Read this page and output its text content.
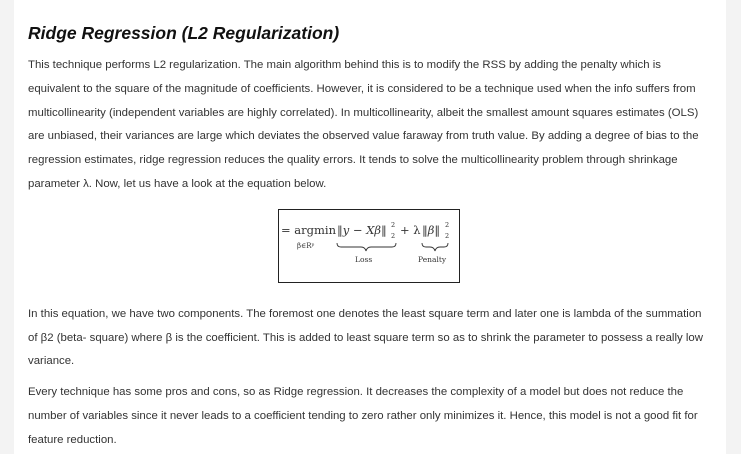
Ridge Regression (L2 Regularization)

This technique performs L2 regularization. The main algorithm behind this is to modify the RSS by adding the penalty which is equivalent to the square of the magnitude of coefficients. However, it is considered to be a technique used when the info suffers from multicollinearity (independent variables are highly correlated). In multicollinearity, albeit the smallest amount squares estimates (OLS) are unbiased, their variances are large which deviates the observed value faraway from truth value. By adding a degree of bias to the regression estimates, ridge regression reduces the quality errors. It tends to solve the multicollinearity problem through shrinkage parameter λ. Now, let us have a look at the equation below.

= argmin
β∈Rᵖ
‖y − Xβ‖ 2
2 + λ ‖β‖ 2
2
Loss	Penalty

In this equation, we have two components. The foremost one denotes the least square term and later one is lambda of the summation of β2 (beta- square) where β is the coefficient. This is added to least square term so as to shrink the parameter to possess a really low variance.

Every technique has some pros and cons, so as Ridge regression. It decreases the complexity of a model but does not reduce the number of variables since it never leads to a coefficient tending to zero rather only minimizes it. Hence, this model is not a good fit for feature reduction.
